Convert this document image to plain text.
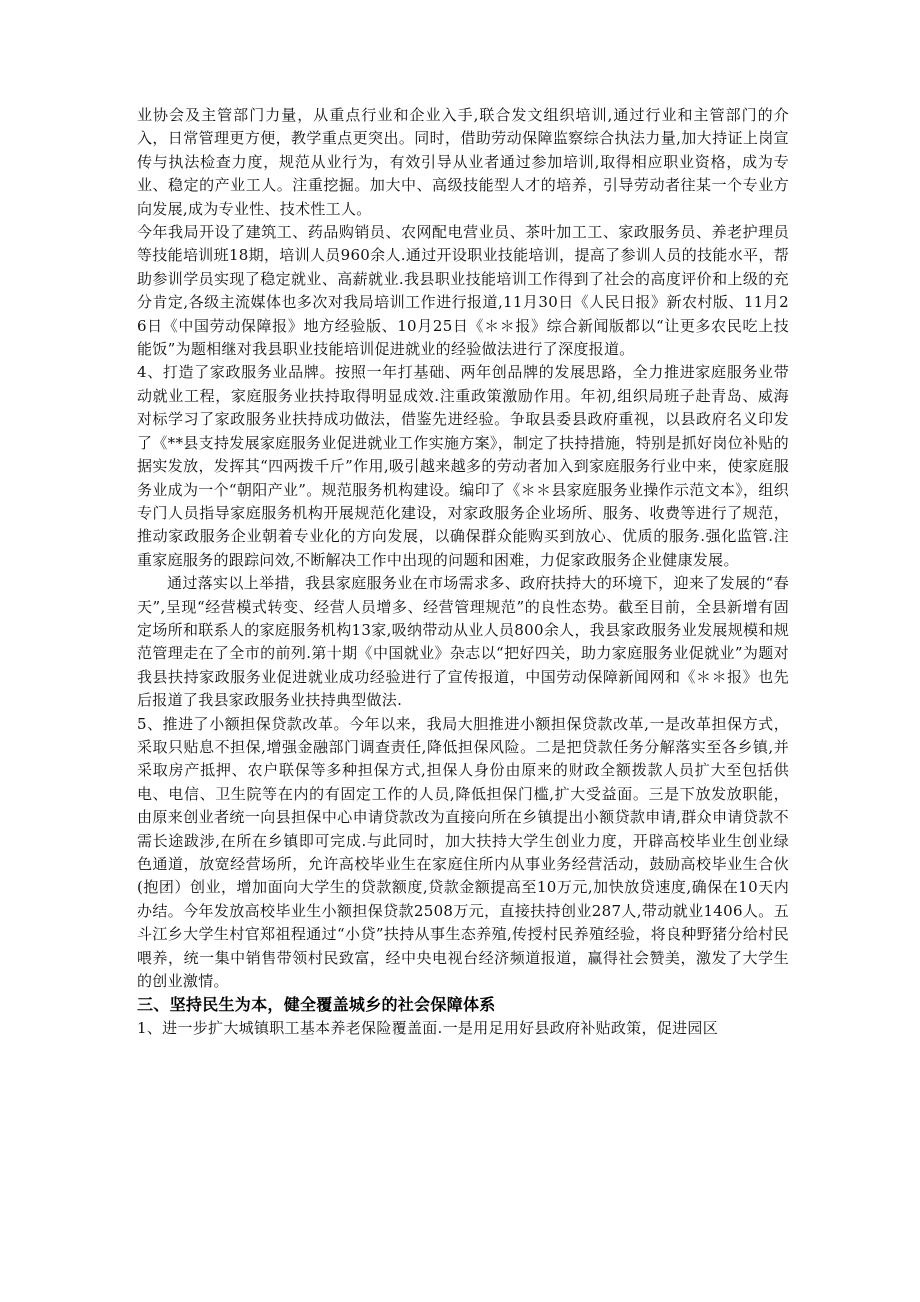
业协会及主管部门力量，从重点行业和企业入手,联合发文组织培训,通过行业和主管部门的介入，日常管理更方便，教学重点更突出。同时，借助劳动保障监察综合执法力量,加大持证上岗宣传与执法检查力度，规范从业行为，有效引导从业者通过参加培训,取得相应职业资格，成为专业、稳定的产业工人。注重挖掘。加大中、高级技能型人才的培养，引导劳动者往某一个专业方向发展,成为专业性、技术性工人。

今年我局开设了建筑工、药品购销员、农网配电营业员、茶叶加工工、家政服务员、养老护理员等技能培训班18期，培训人员960余人.通过开设职业技能培训，提高了参训人员的技能水平，帮助参训学员实现了稳定就业、高薪就业.我县职业技能培训工作得到了社会的高度评价和上级的充分肯定,各级主流媒体也多次对我局培训工作进行报道,11月30日《人民日报》新农村版、11月26日《中国劳动保障报》地方经验版、10月25日《＊＊报》综合新闻版都以“让更多农民吃上技能饭”为题相继对我县职业技能培训促进就业的经验做法进行了深度报道。

4、打造了家政服务业品牌。按照一年打基础、两年创品牌的发展思路，全力推进家庭服务业带动就业工程，家庭服务业扶持取得明显成效.注重政策激励作用。年初,组织局班子赴青岛、威海对标学习了家政服务业扶持成功做法，借鉴先进经验。争取县委县政府重视，以县政府名义印发了《**县支持发展家庭服务业促进就业工作实施方案》，制定了扶持措施，特别是抓好岗位补贴的据实发放，发挥其“四两拨千斤”作用,吸引越来越多的劳动者加入到家庭服务行业中来，使家庭服务业成为一个“朝阳产业”。规范服务机构建设。编印了《＊＊县家庭服务业操作示范文本》，组织专门人员指导家庭服务机构开展规范化建设，对家政服务企业场所、服务、收费等进行了规范，推动家政服务企业朝着专业化的方向发展，以确保群众能购买到放心、优质的服务.强化监管.注重家庭服务的跟踪问效,不断解决工作中出现的问题和困难，力促家政服务企业健康发展。

通过落实以上举措，我县家庭服务业在市场需求多、政府扶持大的环境下，迎来了发展的“春天”,呈现“经营模式转变、经营人员增多、经营管理规范”的良性态势。截至目前，全县新增有固定场所和联系人的家庭服务机构13家,吸纳带动从业人员800余人，我县家政服务业发展规模和规范管理走在了全市的前列.第十期《中国就业》杂志以“把好四关，助力家庭服务业促就业”为题对我县扶持家政服务业促进就业成功经验进行了宣传报道，中国劳动保障新闻网和《＊＊报》也先后报道了我县家政服务业扶持典型做法.

5、推进了小额担保贷款改革。今年以来，我局大胆推进小额担保贷款改革,一是改革担保方式，采取只贴息不担保,增强金融部门调查责任,降低担保风险。二是把贷款任务分解落实至各乡镇,并采取房产抵押、农户联保等多种担保方式,担保人身份由原来的财政全额拨款人员扩大至包括供电、电信、卫生院等在内的有固定工作的人员,降低担保门槛,扩大受益面。三是下放发放职能，由原来创业者统一向县担保中心申请贷款改为直接向所在乡镇提出小额贷款申请,群众申请贷款不需长途跋涉,在所在乡镇即可完成.与此同时，加大扶持大学生创业力度，开辟高校毕业生创业绿色通道，放宽经营场所，允许高校毕业生在家庭住所内从事业务经营活动，鼓励高校毕业生合伙(抱团）创业，增加面向大学生的贷款额度,贷款金额提高至10万元,加快放贷速度,确保在10天内办结。今年发放高校毕业生小额担保贷款2508万元，直接扶持创业287人,带动就业1406人。五斗江乡大学生村官郑祖程通过“小贷”扶持从事生态养殖,传授村民养殖经验，将良种野猪分给村民喂养，统一集中销售带领村民致富，经中央电视台经济频道报道，赢得社会赞美，激发了大学生的创业激情。

三、坚持民生为本，健全覆盖城乡的社会保障体系

1、进一步扩大城镇职工基本养老保险覆盖面.一是用足用好县政府补贴政策，促进园区
